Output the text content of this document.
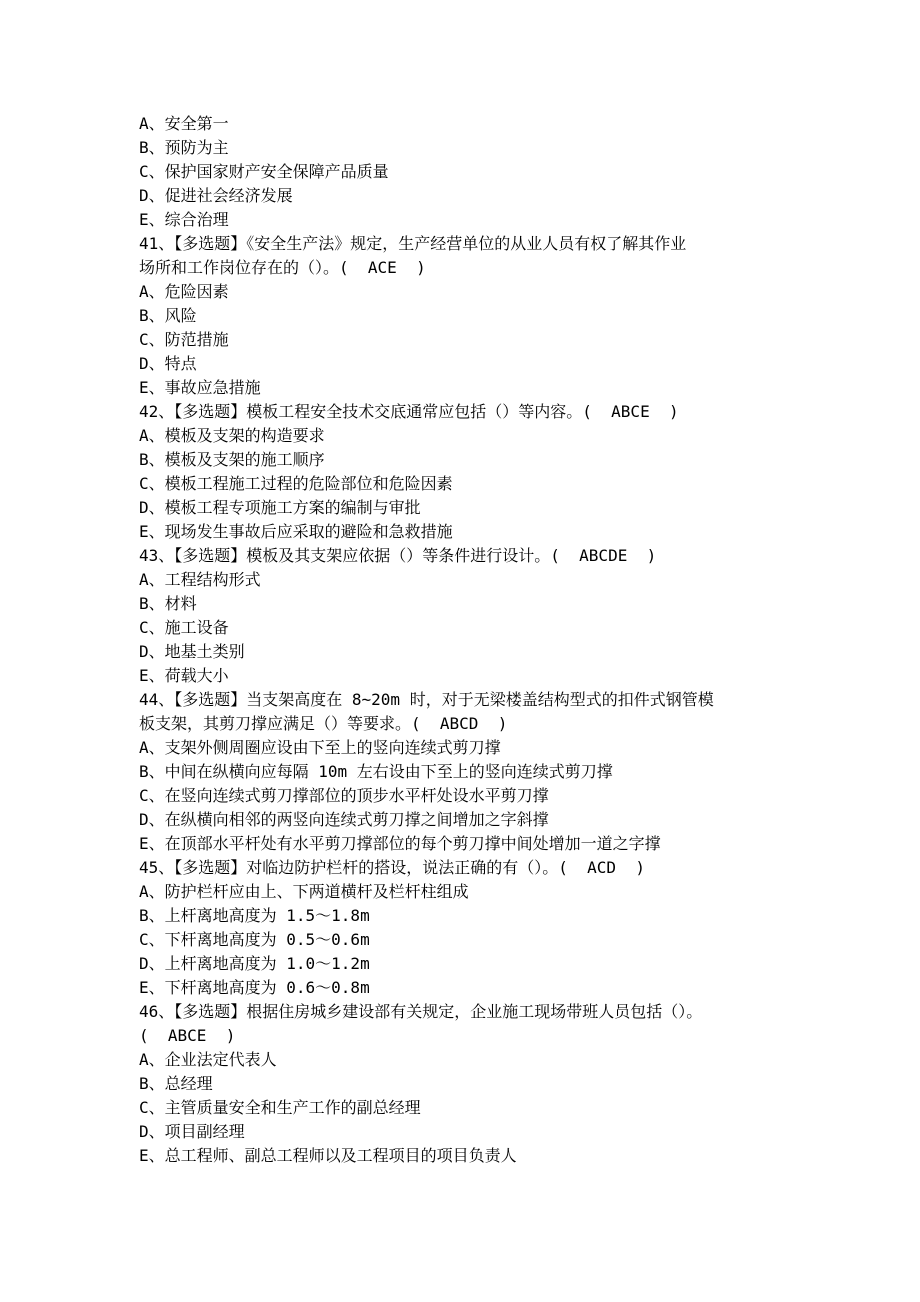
A、安全第一
B、预防为主
C、保护国家财产安全保障产品质量
D、促进社会经济发展
E、综合治理
41、【多选题】《安全生产法》规定，生产经营单位的从业人员有权了解其作业
场所和工作岗位存在的（）。(  ACE  )
A、危险因素
B、风险
C、防范措施
D、特点
E、事故应急措施
42、【多选题】模板工程安全技术交底通常应包括（）等内容。(  ABCE  )
A、模板及支架的构造要求
B、模板及支架的施工顺序
C、模板工程施工过程的危险部位和危险因素
D、模板工程专项施工方案的编制与审批
E、现场发生事故后应采取的避险和急救措施
43、【多选题】模板及其支架应依据（）等条件进行设计。(  ABCDE  )
A、工程结构形式
B、材料
C、施工设备
D、地基土类别
E、荷载大小
44、【多选题】当支架高度在 8~20m 时，对于无梁楼盖结构型式的扣件式钢管模
板支架，其剪刀撑应满足（）等要求。(  ABCD  )
A、支架外侧周圈应设由下至上的竖向连续式剪刀撑
B、中间在纵横向应每隔 10m 左右设由下至上的竖向连续式剪刀撑
C、在竖向连续式剪刀撑部位的顶步水平杆处设水平剪刀撑
D、在纵横向相邻的两竖向连续式剪刀撑之间增加之字斜撑
E、在顶部水平杆处有水平剪刀撑部位的每个剪刀撑中间处增加一道之字撑
45、【多选题】对临边防护栏杆的搭设，说法正确的有（）。(  ACD  )
A、防护栏杆应由上、下两道横杆及栏杆柱组成
B、上杆离地高度为 1.5～1.8m
C、下杆离地高度为 0.5～0.6m
D、上杆离地高度为 1.0～1.2m
E、下杆离地高度为 0.6～0.8m
46、【多选题】根据住房城乡建设部有关规定，企业施工现场带班人员包括（）。
(  ABCE  )
A、企业法定代表人
B、总经理
C、主管质量安全和生产工作的副总经理
D、项目副经理
E、总工程师、副总工程师以及工程项目的项目负责人
